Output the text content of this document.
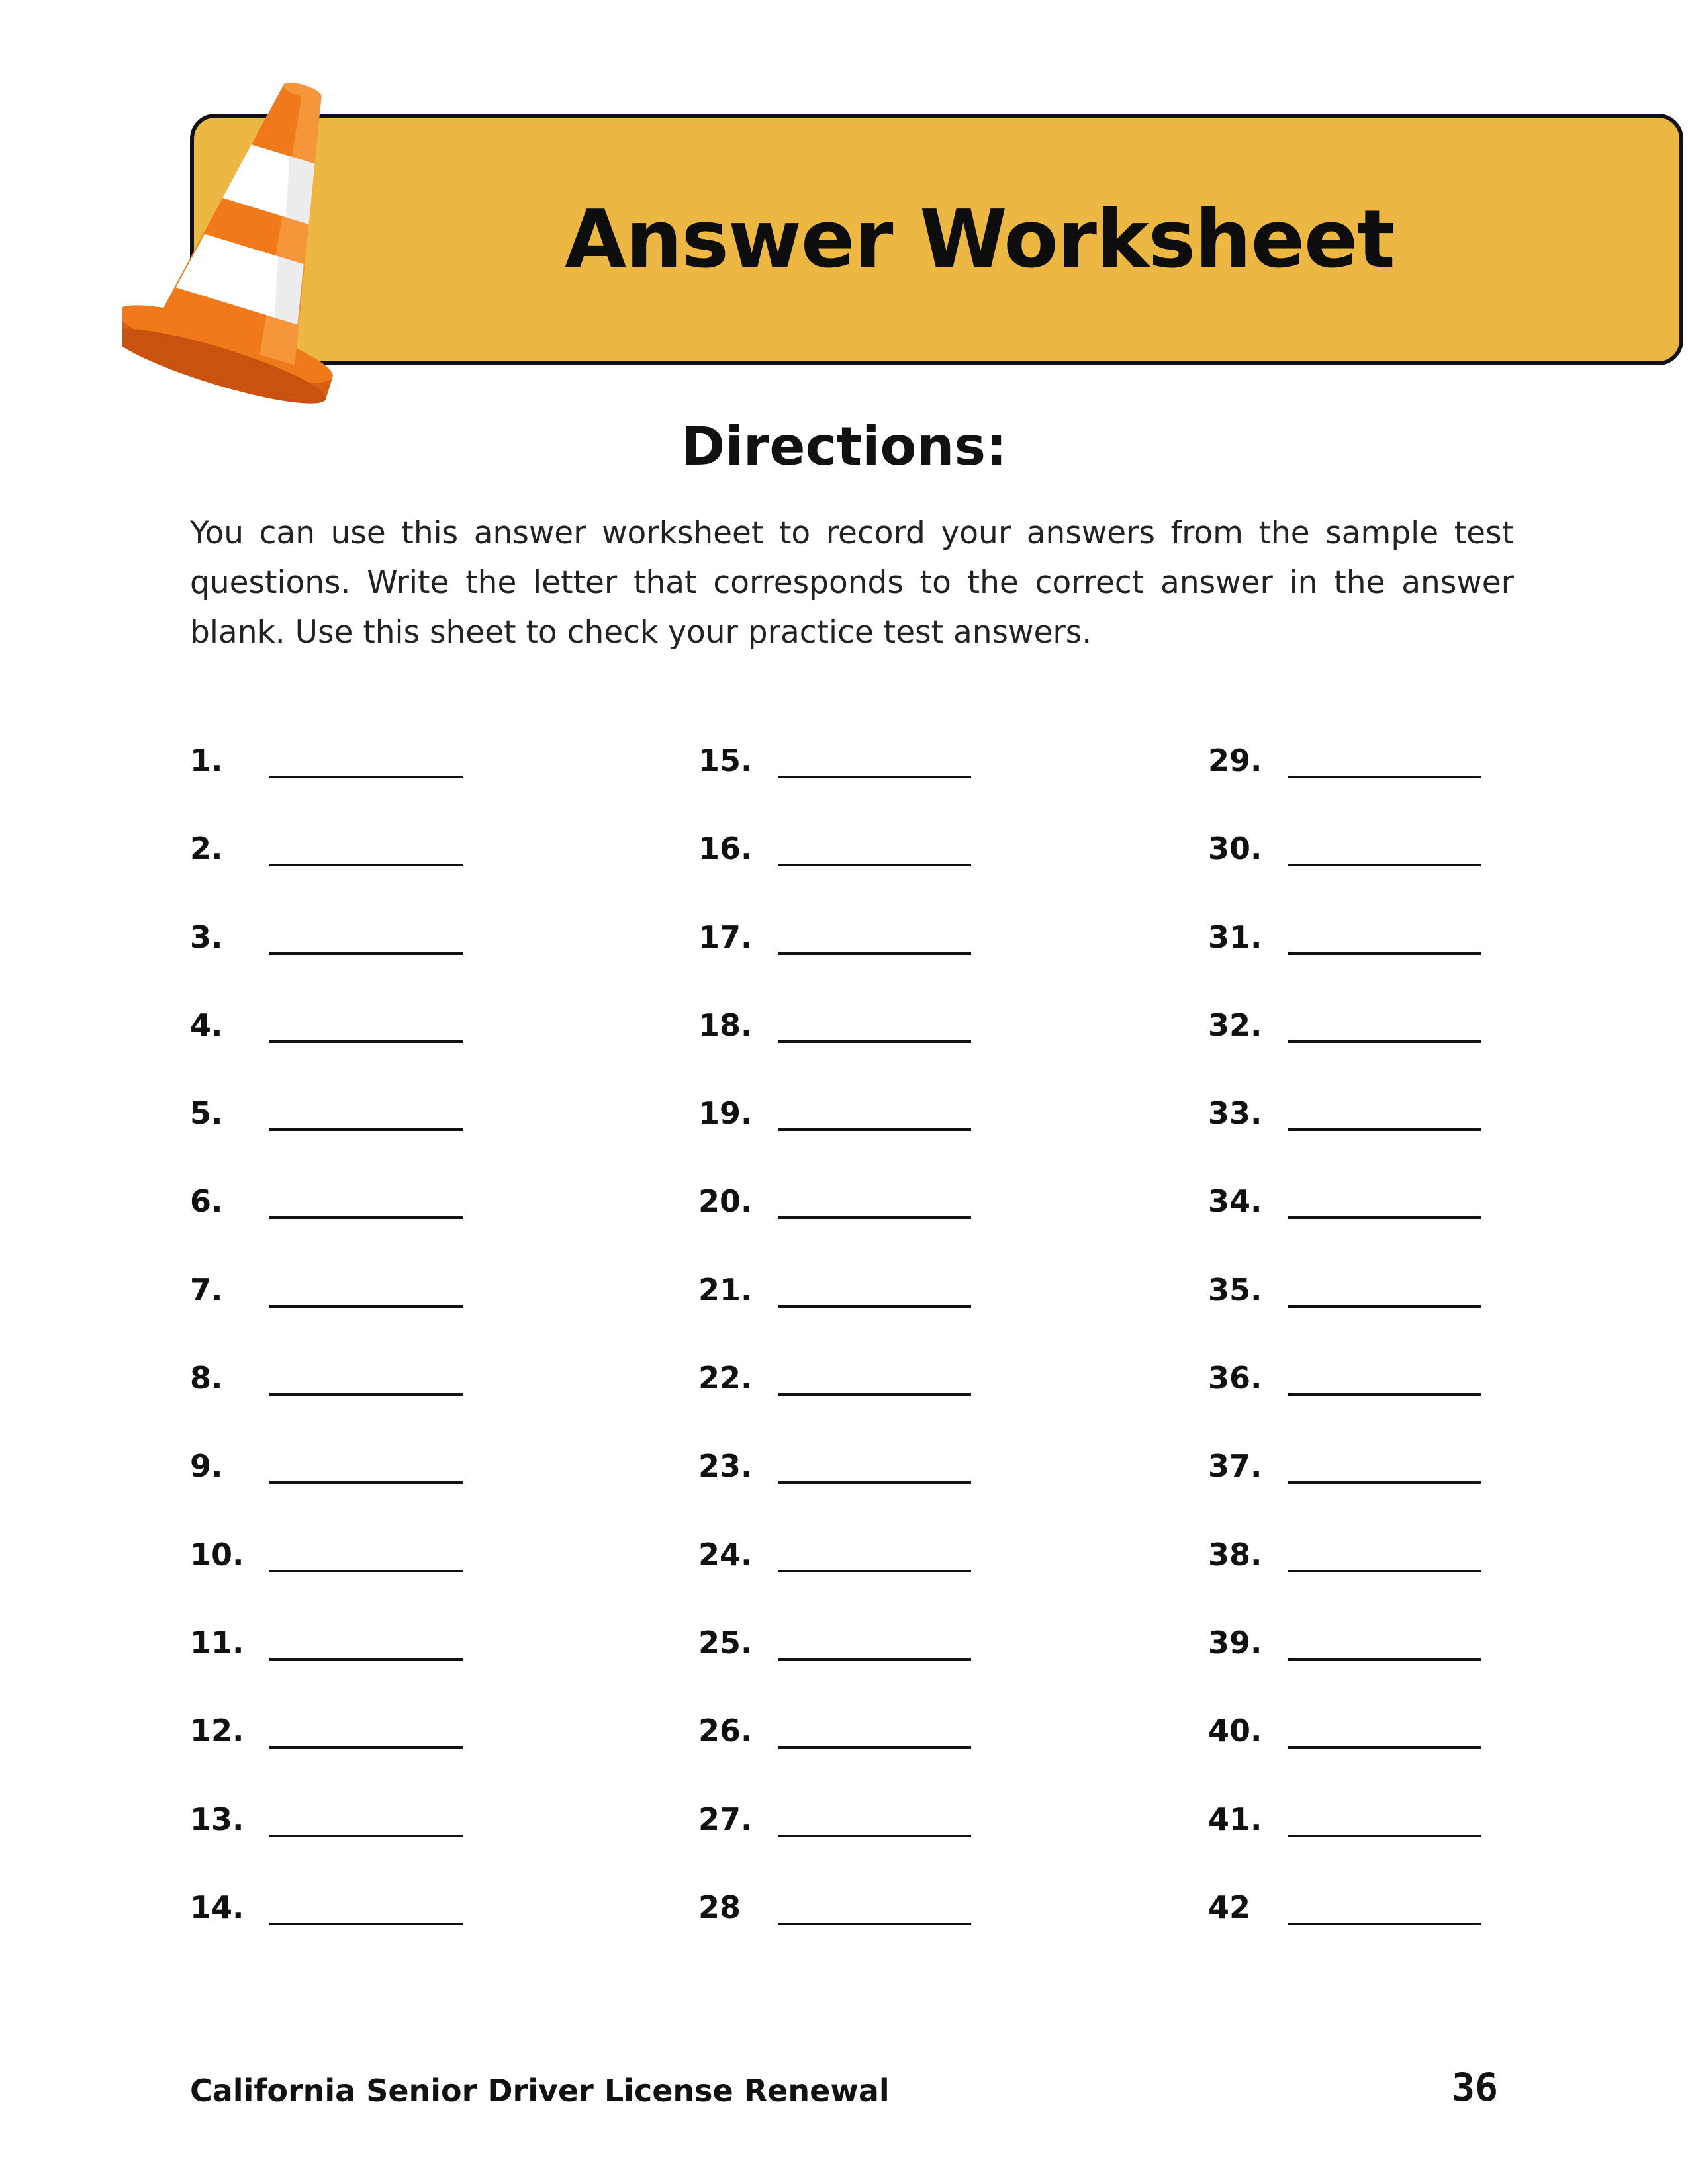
Answer Worksheet
Directions:
You can use this answer worksheet to record your answers from the sample test questions. Write the letter that corresponds to the correct answer in the answer blank. Use this sheet to check your practice test answers.
1.
2.
3.
4.
5.
6.
7.
8.
9.
10.
11.
12.
13.
14.
15.
16.
17.
18.
19.
20.
21.
22.
23.
24.
25.
26.
27.
28
29.
30.
31.
32.
33.
34.
35.
36.
37.
38.
39.
40.
41.
42
California Senior Driver License Renewal	36
